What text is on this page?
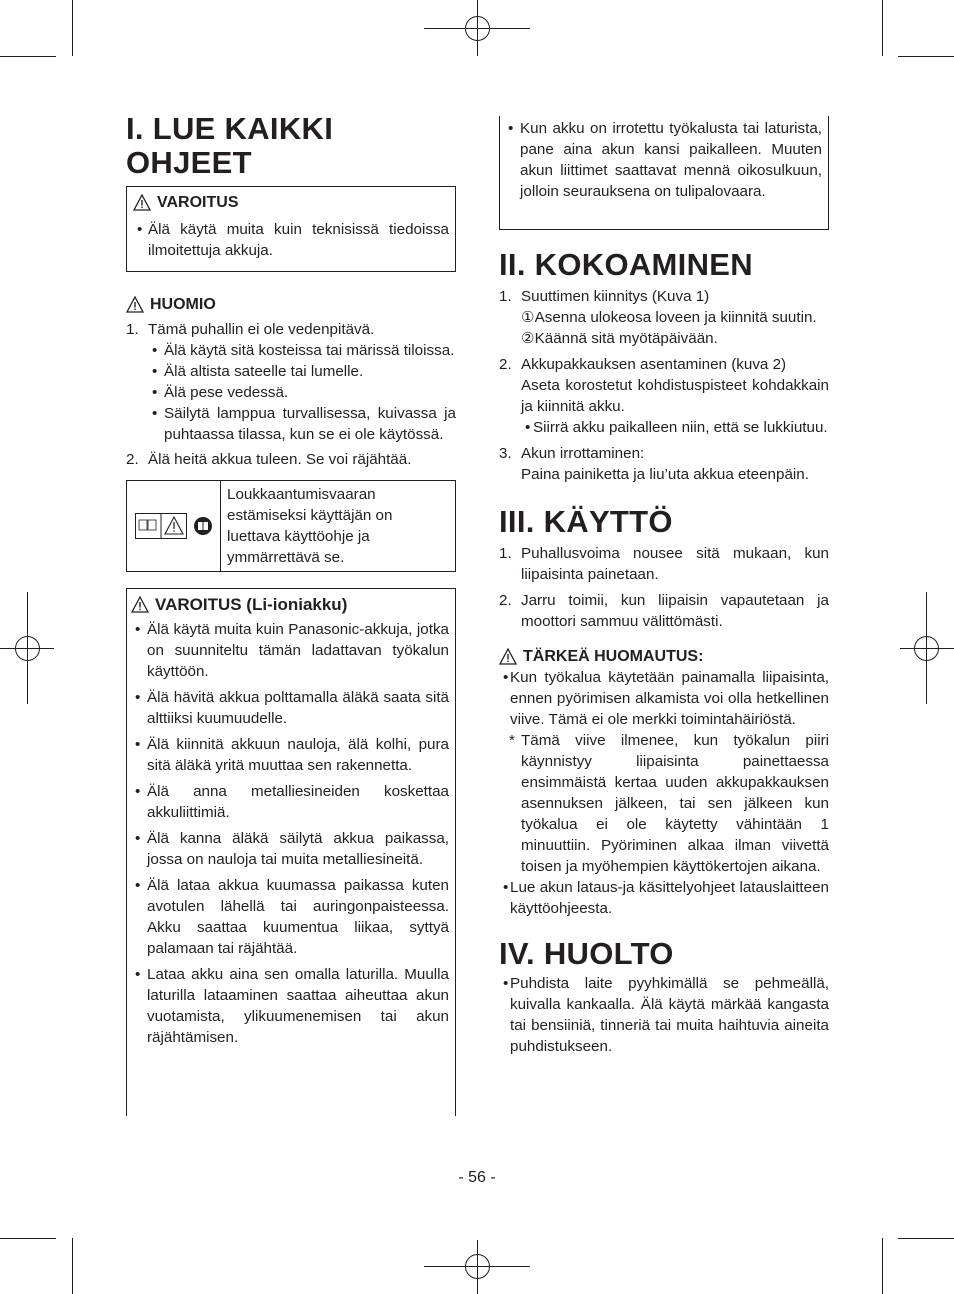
I. LUE KAIKKI OHJEET
VAROITUS
• Älä käytä muita kuin teknisissä tiedoissa ilmoitettuja akkuja.
HUOMIO
1. Tämä puhallin ei ole vedenpitävä.
• Älä käytä sitä kosteissa tai märissä tiloissa.
• Älä altista sateelle tai lumelle.
• Älä pese vedessä.
• Säilytä lamppua turvallisessa, kuivassa ja puhtaassa tilassa, kun se ei ole käytössä.
2. Älä heitä akkua tuleen. Se voi räjähtää.
Loukkaantumisvaaran estämiseksi käyttäjän on luettava käyttöohje ja ymmärrettävä se.
VAROITUS (Li-ioniakku)
• Älä käytä muita kuin Panasonic-akkuja, jotka on suunniteltu tämän ladattavan työkalun käyttöön.
• Älä hävitä akkua polttamalla äläkä saata sitä alttiiksi kuumuudelle.
• Älä kiinnitä akkuun nauloja, älä kolhi, pura sitä äläkä yritä muuttaa sen rakennetta.
• Älä anna metalliesineiden koskettaa akkuliittimiä.
• Älä kanna äläkä säilytä akkua paikassa, jossa on nauloja tai muita metalliesineitä.
• Älä lataa akkua kuumassa paikassa kuten avotulen lähellä tai auringonpaisteessa. Akku saattaa kuumentua liikaa, syttyä palamaan tai räjähtää.
• Lataa akku aina sen omalla laturilla. Muulla laturilla lataaminen saattaa aiheuttaa akun vuotamista, ylikuumenemisen tai akun räjähtämisen.
• Kun akku on irrotettu työkalusta tai laturista, pane aina akun kansi paikalleen. Muuten akun liittimet saattavat mennä oikosulkuun, jolloin seurauksena on tulipalovaara.
II. KOKOAMINEN
1. Suuttimen kiinnitys (Kuva 1)
①Asenna ulokeosa loveen ja kiinnitä suutin.
②Käännä sitä myötäpäivään.
2. Akkupakkauksen asentaminen (kuva 2)
Aseta korostetut kohdistuspisteet kohdakkain ja kiinnitä akku.
• Siirrä akku paikalleen niin, että se lukkiutuu.
3. Akun irrottaminen:
Paina painiketta ja liu’uta akkua eteenpäin.
III. KÄYTTÖ
1. Puhallusvoima nousee sitä mukaan, kun liipaisinta painetaan.
2. Jarru toimii, kun liipaisin vapautetaan ja moottori sammuu välittömästi.
TÄRKEÄ HUOMAUTUS:
• Kun työkalua käytetään painamalla liipaisinta, ennen pyörimisen alkamista voi olla hetkellinen viive. Tämä ei ole merkki toimintahäiriöstä.
* Tämä viive ilmenee, kun työkalun piiri käynnistyy liipaisinta painettaessa ensimmäistä kertaa uuden akkupakkauksen asennuksen jälkeen, tai sen jälkeen kun työkalua ei ole käytetty vähintään 1 minuuttiin. Pyöriminen alkaa ilman viivettä toisen ja myöhempien käyttökertojen aikana.
• Lue akun lataus-ja käsittelyohjeet latauslaitteen käyttöohjeesta.
IV. HUOLTO
• Puhdista laite pyyhkimällä se pehmeällä, kuivalla kankaalla. Älä käytä märkää kangasta tai bensiiniä, tinneriä tai muita haihtuvia aineita puhdistukseen.
- 56 -
